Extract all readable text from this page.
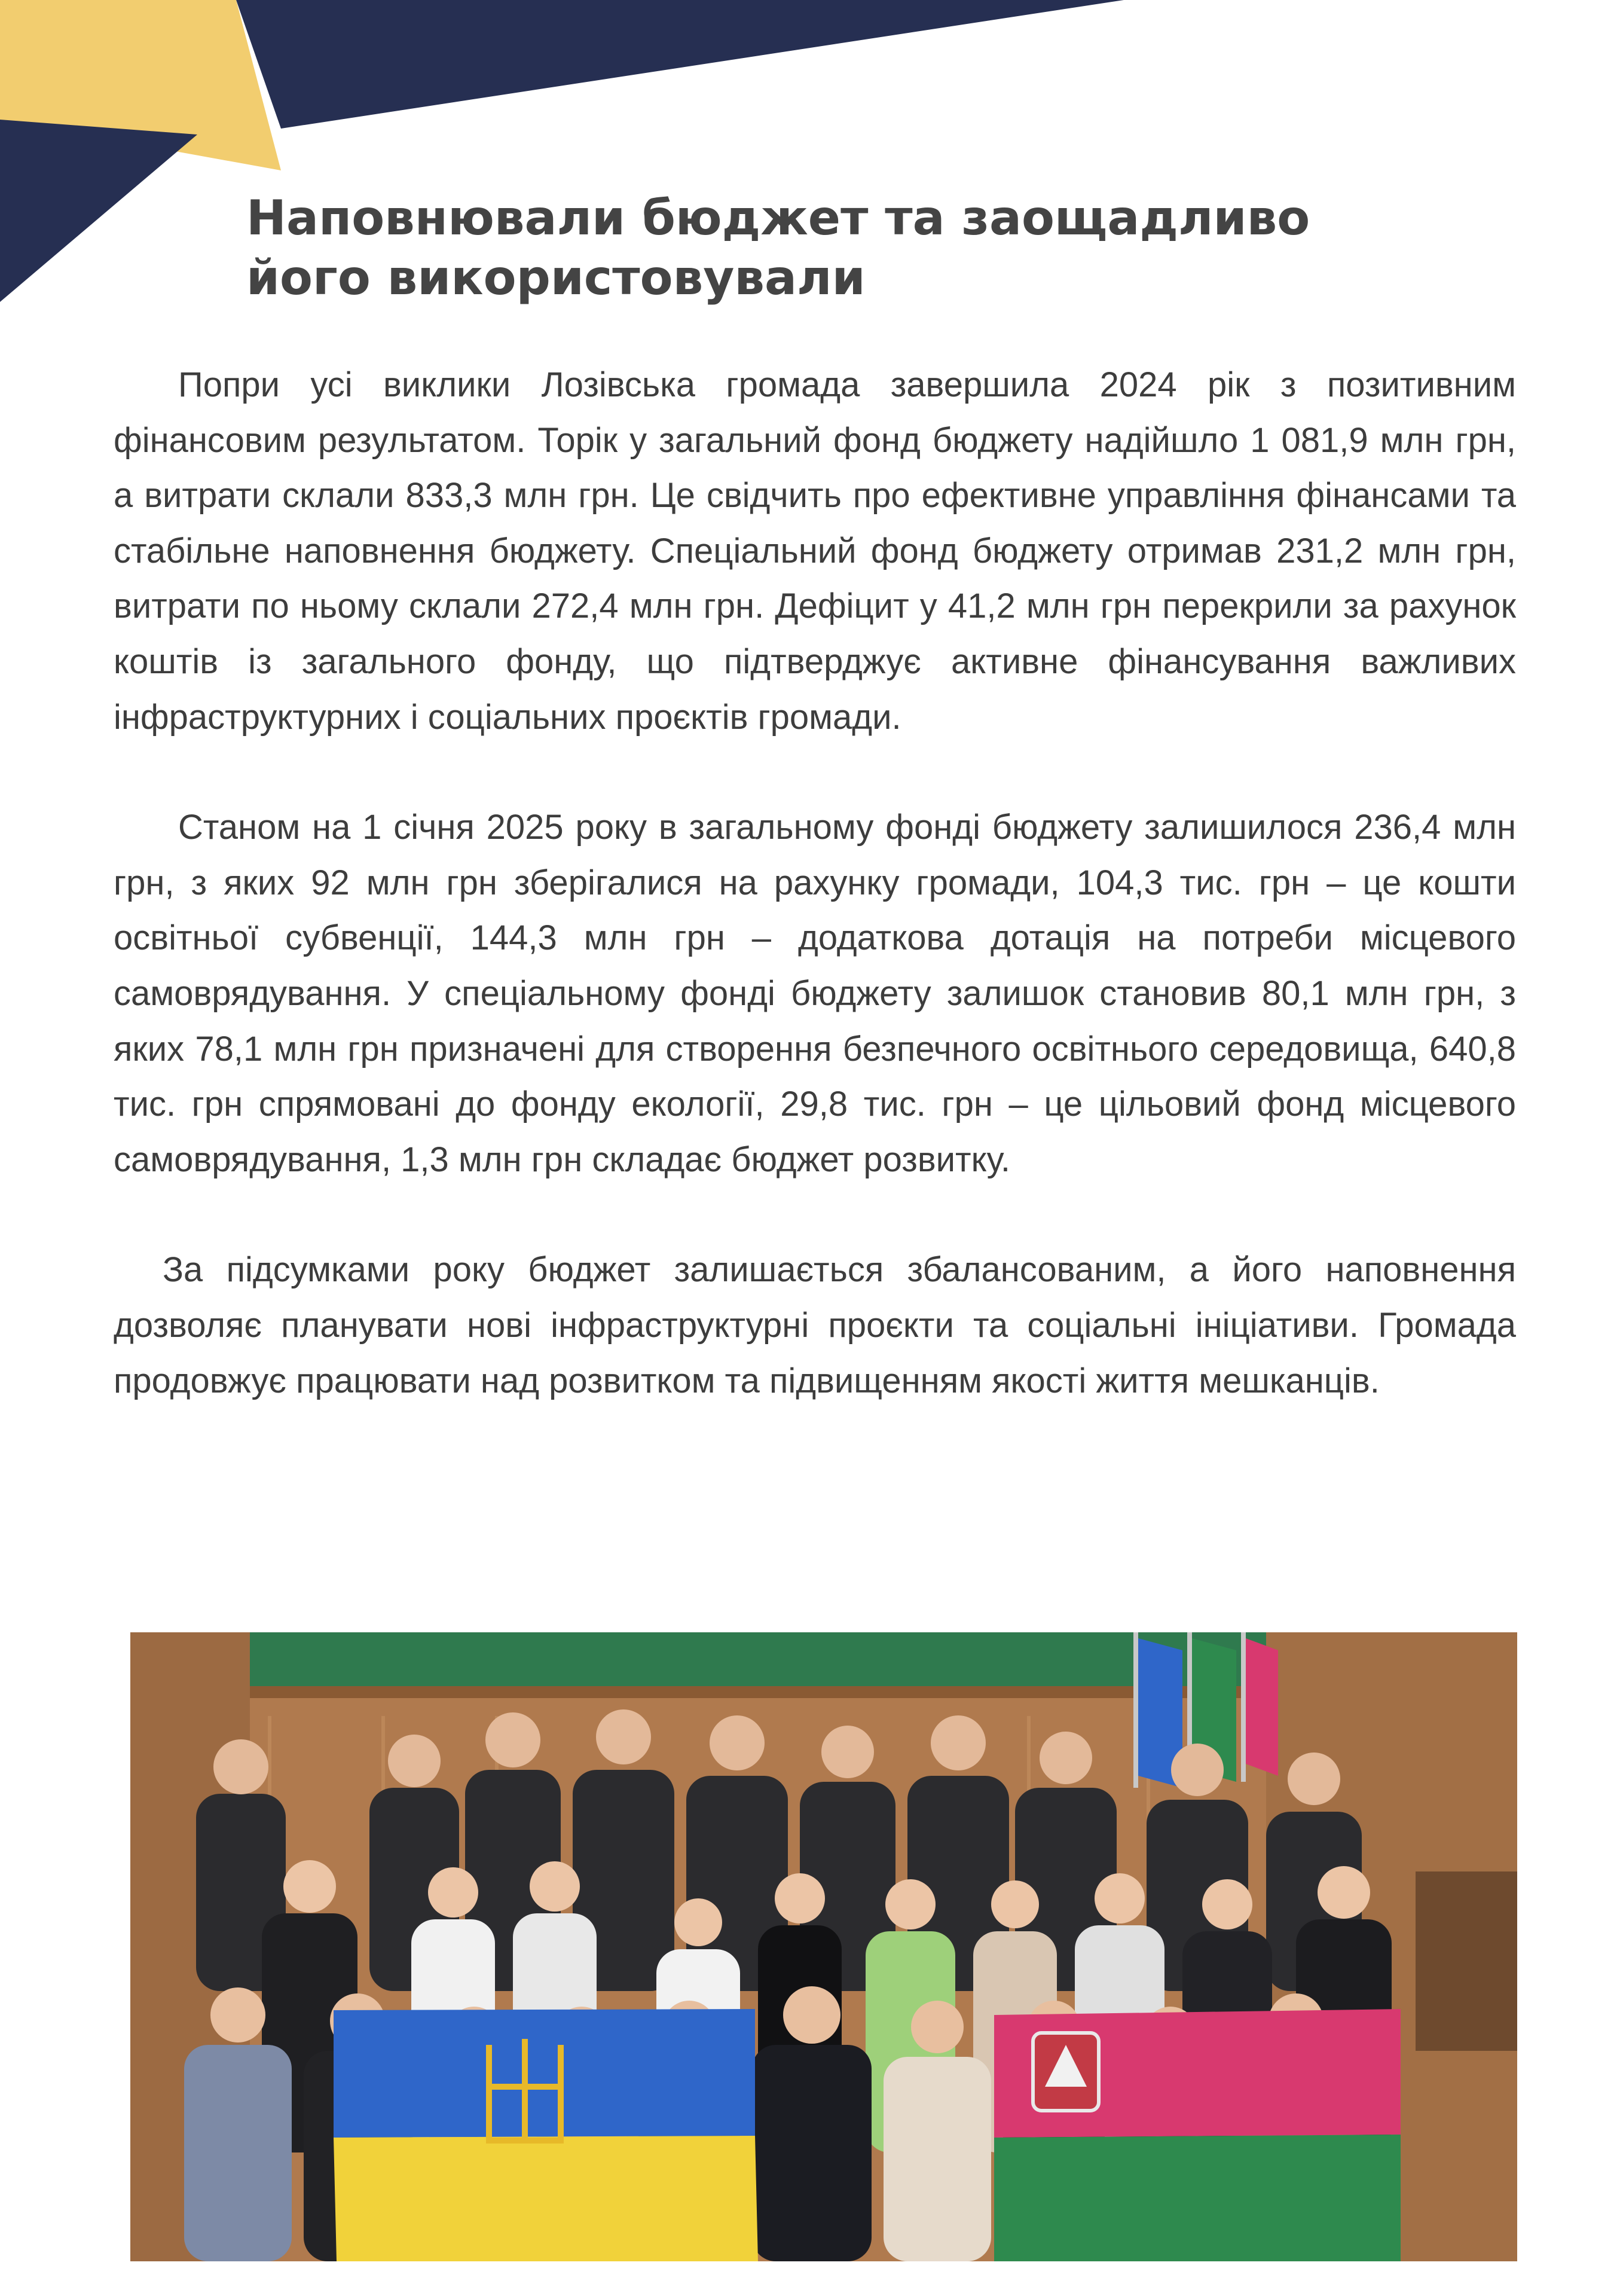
Наповнювали бюджет та заощадливо
його використовували

Попри усі виклики Лозівська громада завершила 2024 рік з позитивним фінансовим результатом. Торік у загальний фонд бюджету надійшло 1 081,9 млн грн, а витрати склали 833,3 млн грн. Це свідчить про ефективне управління фінансами та стабільне наповнення бюджету. Спеціальний фонд бюджету отримав 231,2 млн грн, витрати по ньому склали 272,4 млн грн. Дефіцит у 41,2 млн грн перекрили за рахунок коштів із загального фонду, що підтверджує активне фінансування важливих інфраструктурних і соціальних проєктів громади.

Станом на 1 січня 2025 року в загальному фонді бюджету залишилося 236,4 млн грн, з яких 92 млн грн зберігалися на рахунку громади, 104,3 тис. грн – це кошти освітньої субвенції, 144,3 млн грн – додаткова дотація на потреби місцевого самоврядування. У спеціальному фонді бюджету залишок становив 80,1 млн грн, з яких 78,1 млн грн призначені для створення безпечного освітнього середовища, 640,8 тис. грн спрямовані до фонду екології, 29,8 тис. грн – це цільовий фонд місцевого самоврядування, 1,3 млн грн складає бюджет розвитку.

За підсумками року бюджет залишається збалансованим, а його наповнення дозволяє планувати нові інфраструктурні проєкти та соціальні ініціативи. Громада продовжує працювати над розвитком та підвищенням якості життя мешканців.
